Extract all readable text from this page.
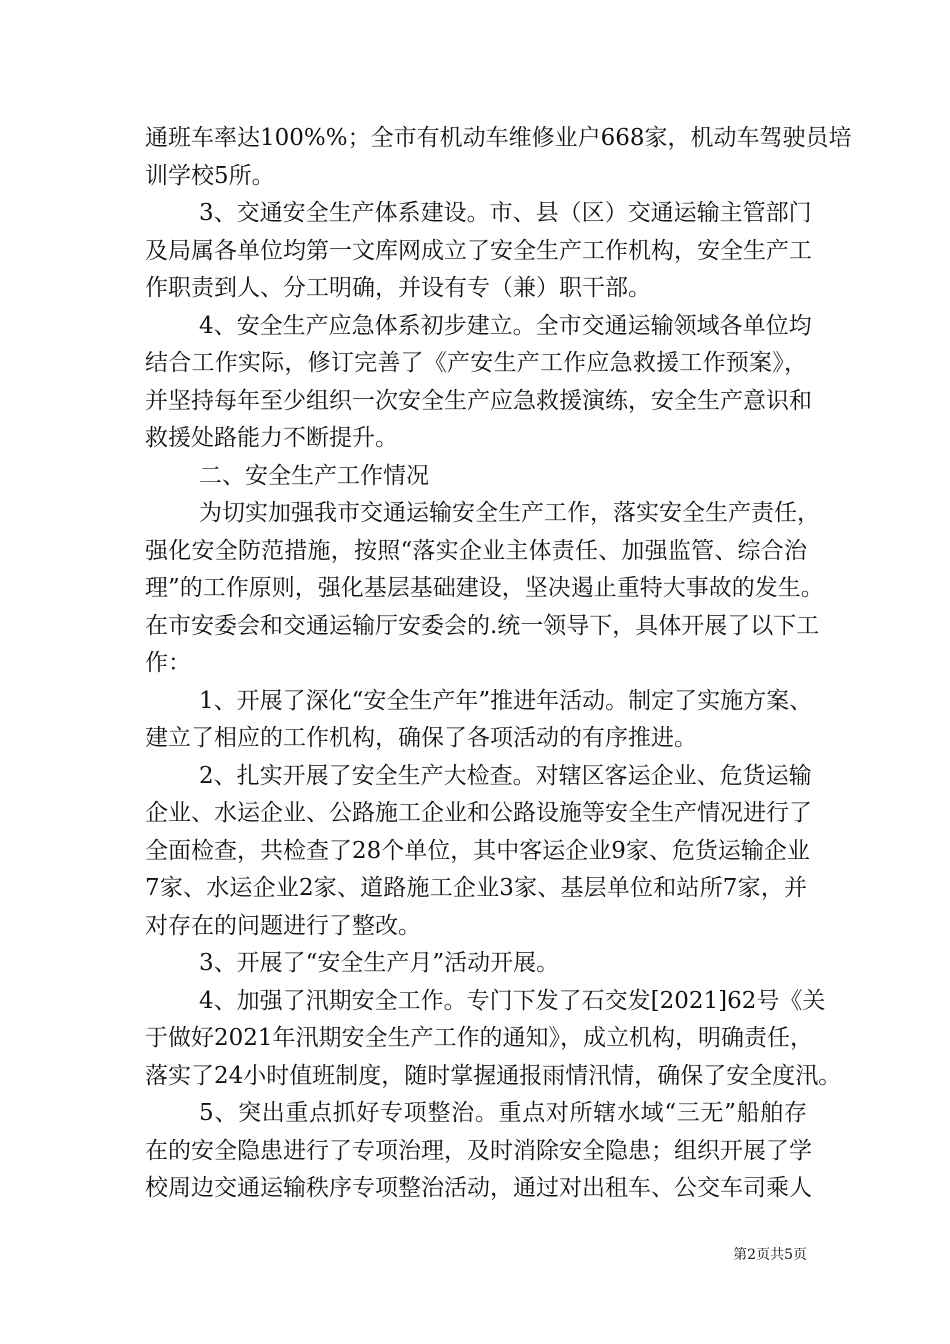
通班车率达100%%；全市有机动车维修业户668家，机动车驾驶员培
训学校5所。
3、交通安全生产体系建设。市、县（区）交通运输主管部门
及局属各单位均第一文库网成立了安全生产工作机构，安全生产工
作职责到人、分工明确，并设有专（兼）职干部。
4、安全生产应急体系初步建立。全市交通运输领域各单位均
结合工作实际，修订完善了《产安生产工作应急救援工作预案》，
并坚持每年至少组织一次安全生产应急救援演练，安全生产意识和
救援处路能力不断提升。
二、安全生产工作情况
为切实加强我市交通运输安全生产工作，落实安全生产责任，
强化安全防范措施，按照“落实企业主体责任、加强监管、综合治
理”的工作原则，强化基层基础建设，坚决遏止重特大事故的发生。
在市安委会和交通运输厅安委会的.统一领导下，具体开展了以下工
作：
1、开展了深化“安全生产年”推进年活动。制定了实施方案、
建立了相应的工作机构，确保了各项活动的有序推进。
2、扎实开展了安全生产大检查。对辖区客运企业、危货运输
企业、水运企业、公路施工企业和公路设施等安全生产情况进行了
全面检查，共检查了28个单位，其中客运企业9家、危货运输企业
7家、水运企业2家、道路施工企业3家、基层单位和站所7家，并
对存在的问题进行了整改。
3、开展了“安全生产月”活动开展。
4、加强了汛期安全工作。专门下发了石交发[2021]62号《关
于做好2021年汛期安全生产工作的通知》，成立机构，明确责任，
落实了24小时值班制度，随时掌握通报雨情汛情，确保了安全度汛。
5、突出重点抓好专项整治。重点对所辖水域“三无”船舶存
在的安全隐患进行了专项治理，及时消除安全隐患；组织开展了学
校周边交通运输秩序专项整治活动，通过对出租车、公交车司乘人
第2页共5页
